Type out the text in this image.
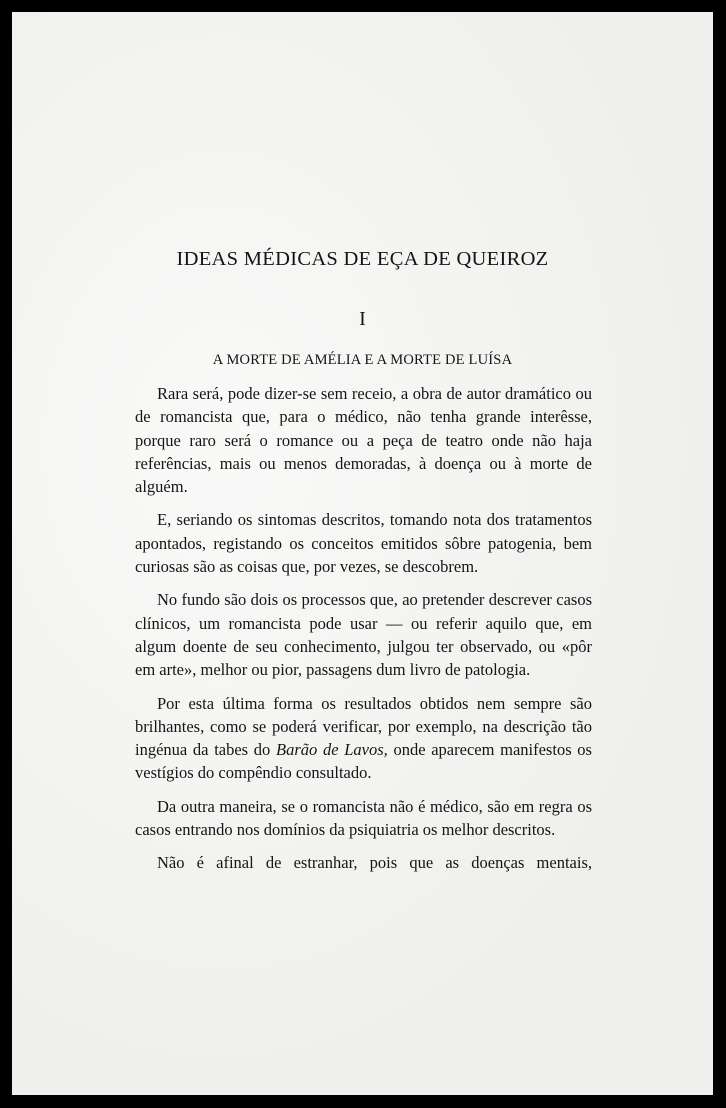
IDEAS MÉDICAS DE EÇA DE QUEIROZ
I
A MORTE DE AMÉLIA E A MORTE DE LUÍSA

Rara será, pode dizer-se sem receio, a obra de autor dramático ou de romancista que, para o médico, não tenha grande interêsse, porque raro será o romance ou a peça de teatro onde não haja referências, mais ou menos demoradas, à doença ou à morte de alguém.

E, seriando os sintomas descritos, tomando nota dos tratamentos apontados, registando os conceitos emitidos sôbre patogenia, bem curiosas são as coisas que, por vezes, se descobrem.

No fundo são dois os processos que, ao pretender descrever casos clínicos, um romancista pode usar — ou referir aquilo que, em algum doente de seu conhecimento, julgou ter observado, ou «pôr em arte», melhor ou pior, passagens dum livro de patologia.

Por esta última forma os resultados obtidos nem sempre são brilhantes, como se poderá verificar, por exemplo, na descrição tão ingénua da tabes do Barão de Lavos, onde aparecem manifestos os vestígios do compêndio consultado.

Da outra maneira, se o romancista não é médico, são em regra os casos entrando nos domínios da psiquiatria os melhor descritos.

Não é afinal de estranhar, pois que as doenças mentais,
